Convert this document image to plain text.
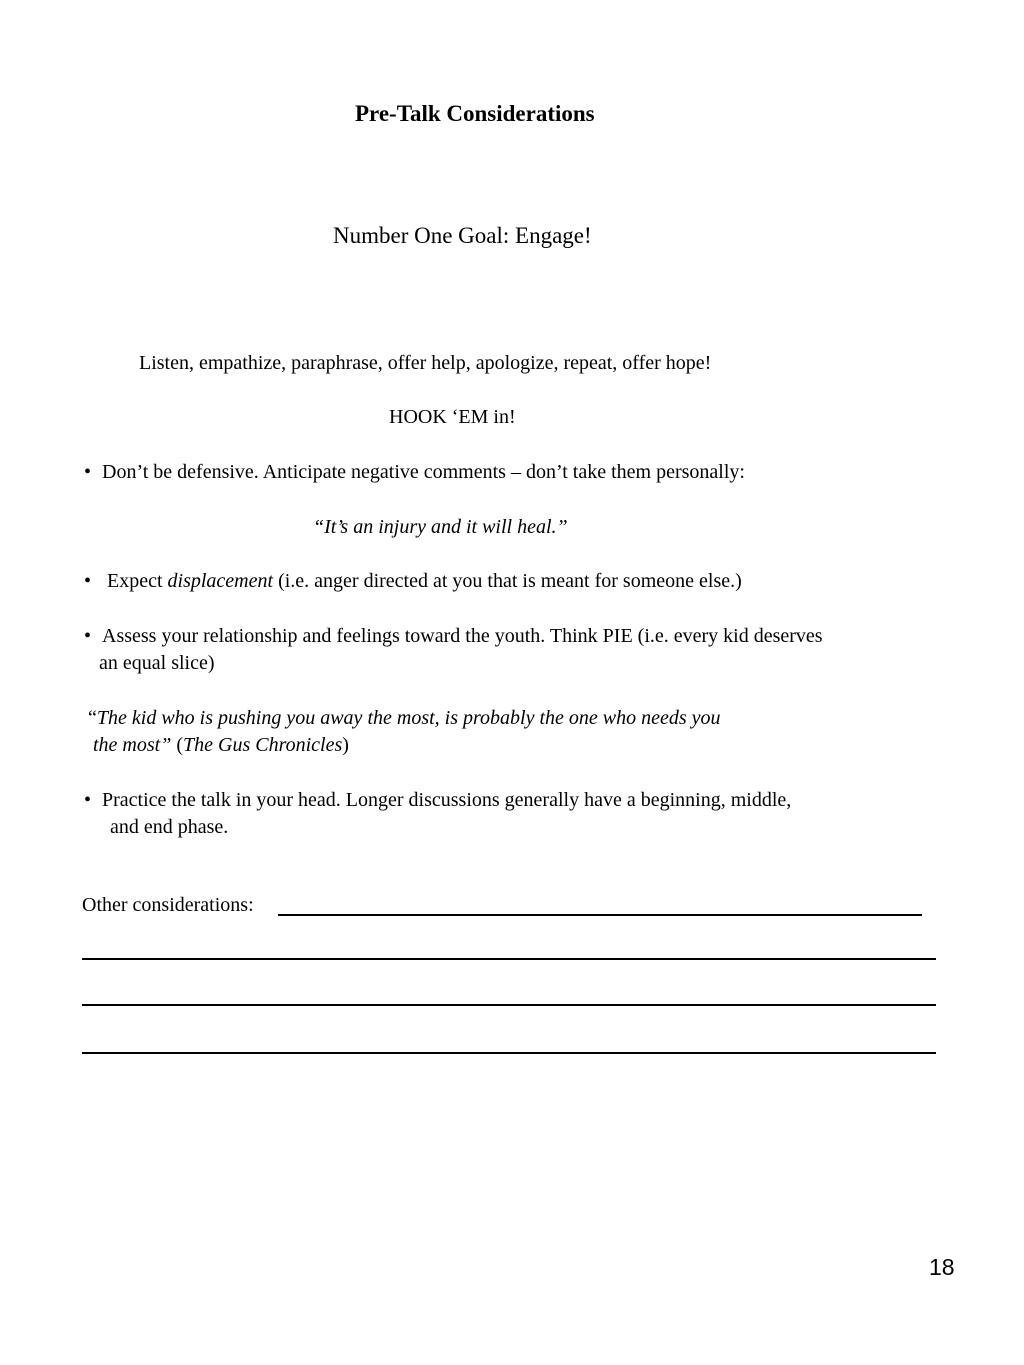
Pre-Talk Considerations
Number One Goal: Engage!
Listen, empathize, paraphrase, offer help, apologize, repeat, offer hope!
HOOK ‘EM in!
• Don’t be defensive. Anticipate negative comments – don’t take them personally:
“It’s an injury and it will heal.”
• Expect displacement (i.e. anger directed at you that is meant for someone else.)
• Assess your relationship and feelings toward the youth. Think PIE (i.e. every kid deserves
an equal slice)
“The kid who is pushing you away the most, is probably the one who needs you
the most” (The Gus Chronicles)
• Practice the talk in your head. Longer discussions generally have a beginning, middle,
and end phase.
Other considerations:
18
